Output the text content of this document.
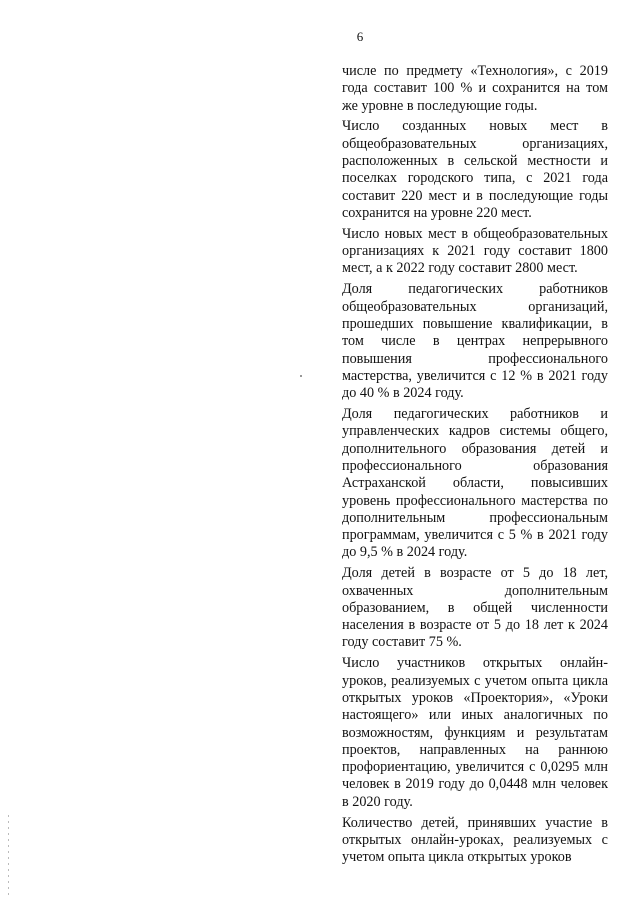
6

числе по предмету «Технология», с 2019 года составит 100 % и сохранится на том же уровне в последующие годы.

Число созданных новых мест в общеобразовательных организациях, расположенных в сельской местности и поселках городского типа, с 2021 года составит 220 мест и в последующие годы сохранится на уровне 220 мест.

Число новых мест в общеобразовательных организациях к 2021 году составит 1800 мест, а к 2022 году составит 2800 мест.

Доля педагогических работников общеобразовательных организаций, прошедших повышение квалификации, в том числе в центрах непрерывного повышения профессионального мастерства, увеличится с 12 % в 2021 году до 40 % в 2024 году.

Доля педагогических работников и управленческих кадров системы общего, дополнительного образования детей и профессионального образования Астраханской области, повысивших уровень профессионального мастерства по дополнительным профессиональным программам, увеличится с 5 % в 2021 году до 9,5 % в 2024 году.

Доля детей в возрасте от 5 до 18 лет, охваченных дополнительным образованием, в общей численности населения в возрасте от 5 до 18 лет к 2024 году составит 75 %.

Число участников открытых онлайн-уроков, реализуемых с учетом опыта цикла открытых уроков «Проектория», «Уроки настоящего» или иных аналогичных по возможностям, функциям и результатам проектов, направленных на раннюю профориентацию, увеличится с 0,0295 млн человек в 2019 году до 0,0448 млн человек в 2020 году.

Количество детей, принявших участие в открытых онлайн-уроках, реализуемых с учетом опыта цикла открытых уроков
